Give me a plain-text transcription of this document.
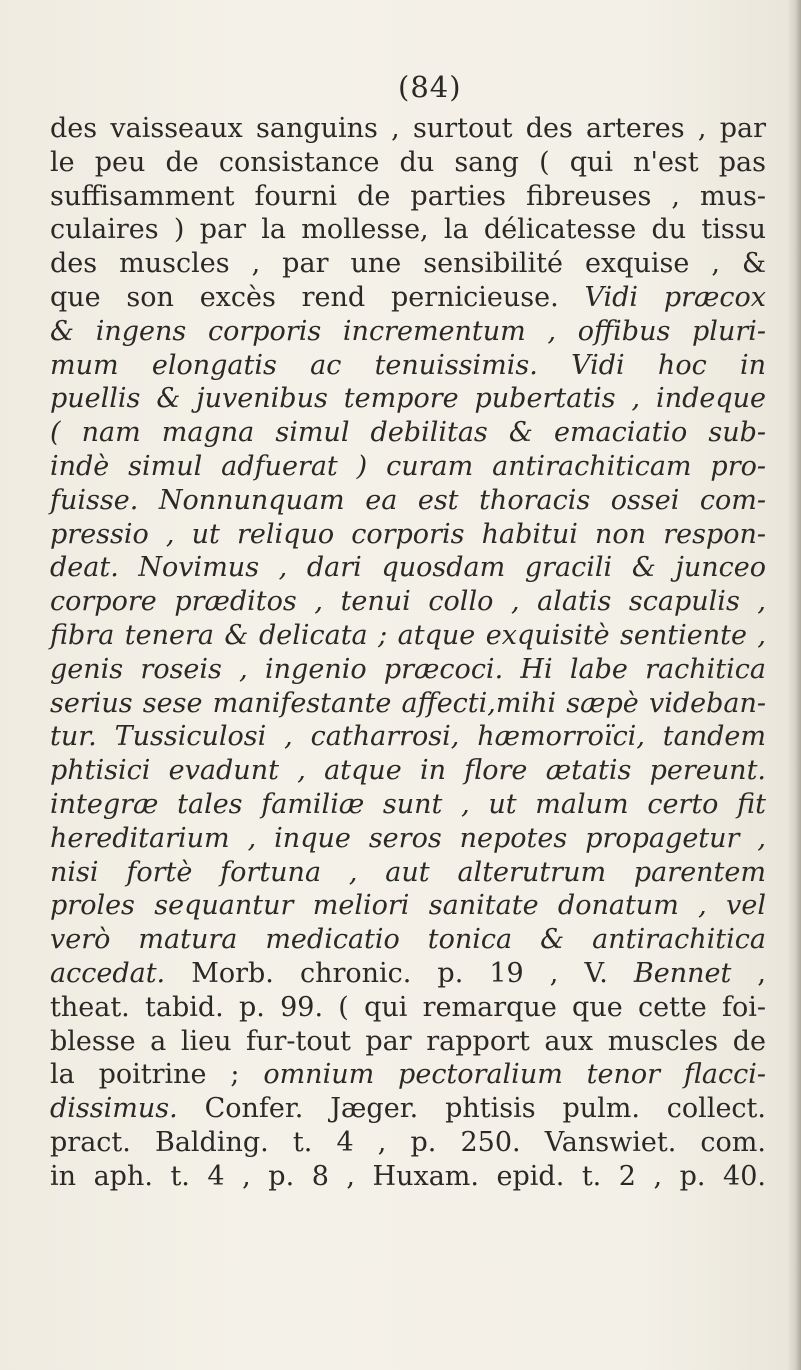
(84)
des vaisseaux sanguins , surtout des arteres , par
le peu de consistance du sang ( qui n'est pas
suffisamment fourni de parties fibreuses , mus-
culaires ) par la mollesse, la délicatesse du tissu
des muscles , par une sensibilité exquise , &
que son excès rend pernicieuse. Vidi præcox
& ingens corporis incrementum , offibus pluri-
mum elongatis ac tenuissimis. Vidi hoc in
puellis & juvenibus tempore pubertatis , indeque
( nam magna simul debilitas & emaciatio sub-
indè simul adfuerat ) curam antirachiticam pro-
fuisse. Nonnunquam ea est thoracis ossei com-
pressio , ut reliquo corporis habitui non respon-
deat. Novimus , dari quosdam gracili & junceo
corpore præditos , tenui collo , alatis scapulis ,
fibra tenera & delicata ; atque exquisitè sentiente ,
genis roseis , ingenio præcoci. Hi labe rachitica
serius sese manifestante affecti,mihi sæpè videban-
tur. Tussiculosi , catharrosi, hæmorroïci, tandem
phtisici evadunt , atque in flore ætatis pereunt.
integræ tales familiæ sunt , ut malum certo fit
hereditarium , inque seros nepotes propagetur ,
nisi fortè fortuna , aut alterutrum parentem
proles sequantur meliori sanitate donatum , vel
verò matura medicatio tonica & antirachitica
accedat. Morb. chronic. p. 19 , V. Bennet ,
theat. tabid. p. 99. ( qui remarque que cette foi-
blesse a lieu fur-tout par rapport aux muscles de
la poitrine ; omnium pectoralium tenor flacci-
dissimus. Confer. Jæger. phtisis pulm. collect.
pract. Balding. t. 4 , p. 250. Vanswiet. com.
in aph. t. 4 , p. 8 , Huxam. epid. t. 2 , p. 40.
